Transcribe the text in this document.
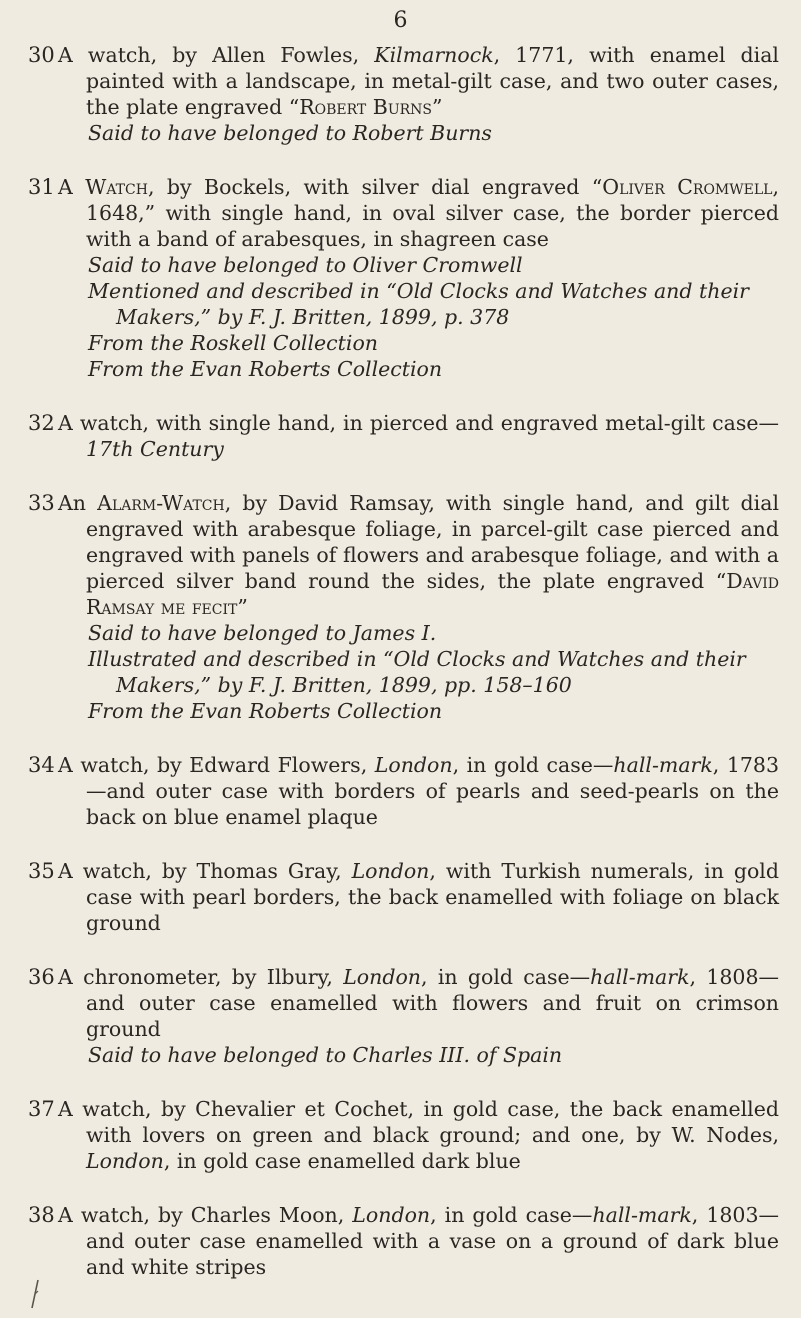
6
30 A watch, by Allen Fowles, Kilmarnock, 1771, with enamel dial painted with a landscape, in metal-gilt case, and two outer cases, the plate engraved “Robert Burns”
Said to have belonged to Robert Burns
31 A Watch, by Bockels, with silver dial engraved “Oliver Cromwell, 1648,” with single hand, in oval silver case, the border pierced with a band of arabesques, in shagreen case
Said to have belonged to Oliver Cromwell
Mentioned and described in “Old Clocks and Watches and their Makers,” by F. J. Britten, 1899, p. 378
From the Roskell Collection
From the Evan Roberts Collection
32 A watch, with single hand, in pierced and engraved metal-gilt case—17th Century
33 An Alarm-Watch, by David Ramsay, with single hand, and gilt dial engraved with arabesque foliage, in parcel-gilt case pierced and engraved with panels of flowers and arabesque foliage, and with a pierced silver band round the sides, the plate engraved “David Ramsay me fecit”
Said to have belonged to James I.
Illustrated and described in “Old Clocks and Watches and their Makers,” by F. J. Britten, 1899, pp. 158–160
From the Evan Roberts Collection
34 A watch, by Edward Flowers, London, in gold case—hall-mark, 1783—and outer case with borders of pearls and seed-pearls on the back on blue enamel plaque
35 A watch, by Thomas Gray, London, with Turkish numerals, in gold case with pearl borders, the back enamelled with foliage on black ground
36 A chronometer, by Ilbury, London, in gold case—hall-mark, 1808—and outer case enamelled with flowers and fruit on crimson ground
Said to have belonged to Charles III. of Spain
37 A watch, by Chevalier et Cochet, in gold case, the back enamelled with lovers on green and black ground; and one, by W. Nodes, London, in gold case enamelled dark blue
38 A watch, by Charles Moon, London, in gold case—hall-mark, 1803—and outer case enamelled with a vase on a ground of dark blue and white stripes
